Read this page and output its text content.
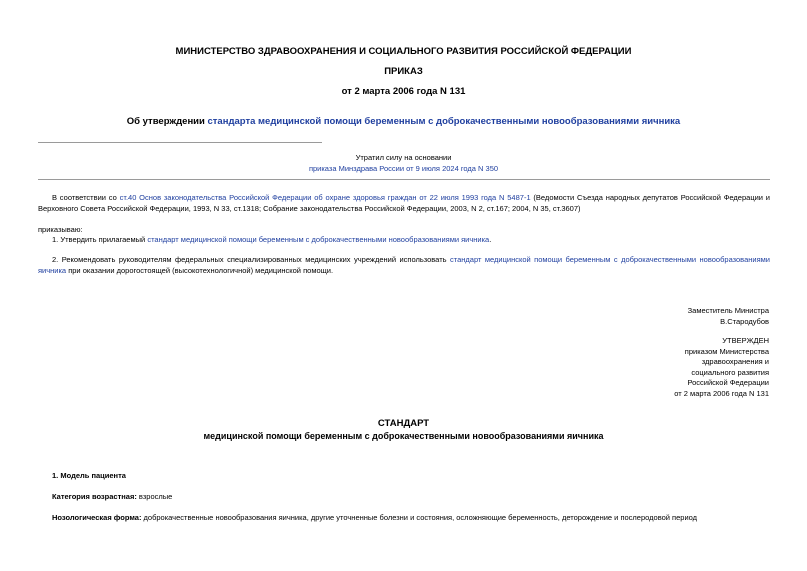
МИНИСТЕРСТВО ЗДРАВООХРАНЕНИЯ И СОЦИАЛЬНОГО РАЗВИТИЯ РОССИЙСКОЙ ФЕДЕРАЦИИ
ПРИКАЗ
от 2 марта 2006 года N 131
Об утверждении стандарта медицинской помощи беременным с доброкачественными новообразованиями яичника
Утратил силу на основании
приказа Минздрава России от 9 июля 2024 года N 350
В соответствии со ст.40 Основ законодательства Российской Федерации об охране здоровья граждан от 22 июля 1993 года N 5487-1 (Ведомости Съезда народных депутатов Российской Федерации и Верховного Совета Российской Федерации, 1993, N 33, ст.1318; Собрание законодательства Российской Федерации, 2003, N 2, ст.167; 2004, N 35, ст.3607)
приказываю:
1. Утвердить прилагаемый стандарт медицинской помощи беременным с доброкачественными новообразованиями яичника.
2. Рекомендовать руководителям федеральных специализированных медицинских учреждений использовать стандарт медицинской помощи беременным с доброкачественными новообразованиями яичника при оказании дорогостоящей (высокотехнологичной) медицинской помощи.
Заместитель Министра
В.Стародубов
УТВЕРЖДЕН
приказом Министерства
здравоохранения и
социального развития
Российской Федерации
от 2 марта 2006 года N 131
СТАНДАРТ
медицинской помощи беременным с доброкачественными новообразованиями яичника
1. Модель пациента
Категория возрастная: взрослые
Нозологическая форма: доброкачественные новообразования яичника, другие уточненные болезни и состояния, осложняющие беременность, деторождение и послеродовой период
